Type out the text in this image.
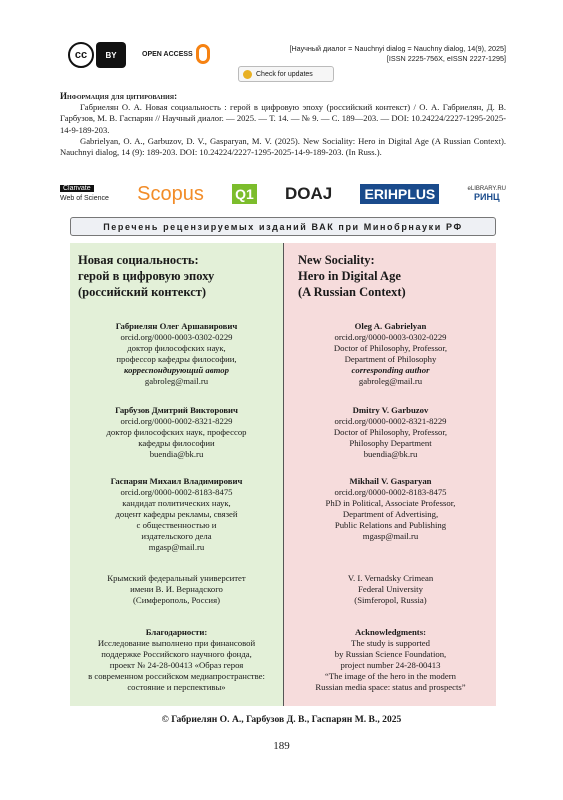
cc	BY	OPEN ACCESS
[Научный диалог = Nauchnyi dialog = Nauchny dialog, 14(9), 2025]
[ISSN 2225-756X, eISSN 2227-1295]
Check for updates
Информация для цитирования:

Габриелян О. А. Новая социальность : герой в цифровую эпоху (российский контекст) / О. А. Габриелян, Д. В. Гарбузов, М. В. Гаспарян // Научный диалог. — 2025. — Т. 14. — № 9. — С. 189—203. — DOI: 10.24224/2227-1295-2025-14-9-189-203.

Gabrielyan, O. A., Garbuzov, D. V., Gasparyan, M. V. (2025). New Sociality: Hero in Digital Age (A Russian Context). Nauchnyi dialog, 14 (9): 189-203. DOI: 10.24224/2227-1295-2025-14-9-189-203. (In Russ.).

Clarivate
Web of Science Scopus Q1 DOAJ ERIHPLUS	eLIBRARY.RU
РИНЦ
Перечень рецензируемых изданий ВАК при Минобрнауки РФ
Новая социальность:
герой в цифровую эпоху
(российский контекст)
Габриелян Олег Аршавирович
orcid.org/0000-0003-0302-0229
доктор философских наук,
профессор кафедры философии,
корреспондирующий автор
gabroleg@mail.ru
Гарбузов Дмитрий Викторович
orcid.org/0000-0002-8321-8229
доктор философских наук, профессор
кафедры философии
buendia@bk.ru
Гаспарян Михаил Владимирович
orcid.org/0000-0002-8183-8475
кандидат политических наук,
доцент кафедры рекламы, связей
с общественностью и
издательского дела
mgasp@mail.ru
Крымский федеральный университет
имени В. И. Вернадского
(Симферополь, Россия)
Благодарности:
Исследование выполнено при финансовой
поддержке Российского научного фонда,
проект № 24-28-00413 «Образ героя
в современном российском медиапространстве:
состояние и перспективы»
New Sociality:
Hero in Digital Age
(A Russian Context)
Oleg A. Gabrielyan
orcid.org/0000-0003-0302-0229
Doctor of Philosophy, Professor,
Department of Philosophy
corresponding author
gabroleg@mail.ru
Dmitry V. Garbuzov
orcid.org/0000-0002-8321-8229
Doctor of Philosophy, Professor,
Philosophy Department
buendia@bk.ru
Mikhail V. Gasparyan
orcid.org/0000-0002-8183-8475
PhD in Political, Associate Professor,
Department of Advertising,
Public Relations and Publishing
mgasp@mail.ru
V. I. Vernadsky Crimean
Federal University
(Simferopol, Russia)
Acknowledgments:
The study is supported
by Russian Science Foundation,
project number 24-28-00413
“The image of the hero in the modern
Russian media space: status and prospects”
© Габриелян О. А., Гарбузов Д. В., Гаспарян М. В., 2025
189
